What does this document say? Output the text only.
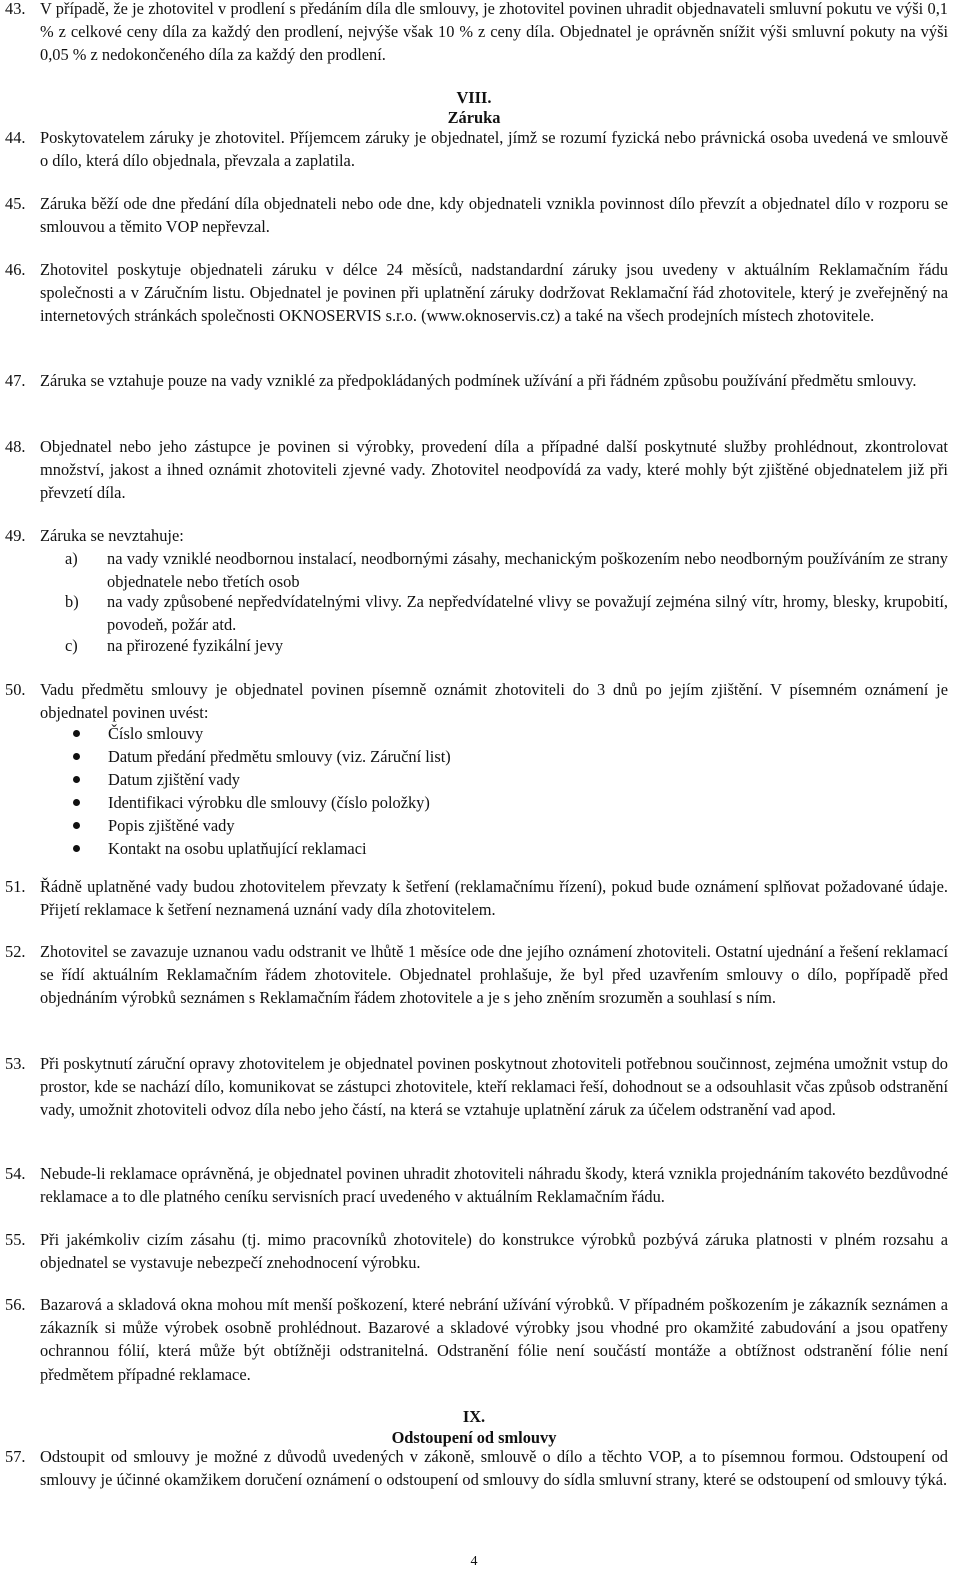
43. V případě, že je zhotovitel v prodlení s předáním díla dle smlouvy, je zhotovitel povinen uhradit objednavateli smluvní pokutu ve výši 0,1 % z celkové ceny díla za každý den prodlení, nejvýše však 10 % z ceny díla. Objednatel je oprávněn snížit výši smluvní pokuty na výši 0,05 % z nedokončeného díla za každý den prodlení.
VIII.
Záruka
44. Poskytovatelem záruky je zhotovitel. Příjemcem záruky je objednatel, jímž se rozumí fyzická nebo právnická osoba uvedená ve smlouvě o dílo, která dílo objednala, převzala a zaplatila.
45. Záruka běží ode dne předání díla objednateli nebo ode dne, kdy objednateli vznikla povinnost dílo převzít a objednatel dílo v rozporu se smlouvou a těmito VOP nepřevzal.
46. Zhotovitel poskytuje objednateli záruku v délce 24 měsíců, nadstandardní záruky jsou uvedeny v aktuálním Reklamačním řádu společnosti a v Záručním listu. Objednatel je povinen při uplatnění záruky dodržovat Reklamační řád zhotovitele, který je zveřejněný na internetových stránkách společnosti OKNOSERVIS s.r.o. (www.oknoservis.cz) a také na všech prodejních místech zhotovitele.
47. Záruka se vztahuje pouze na vady vzniklé za předpokládaných podmínek užívání a při řádném způsobu používání předmětu smlouvy.
48. Objednatel nebo jeho zástupce je povinen si výrobky, provedení díla a případné další poskytnuté služby prohlédnout, zkontrolovat množství, jakost a ihned oznámit zhotoviteli zjevné vady. Zhotovitel neodpovídá za vady, které mohly být zjištěné objednatelem již při převzetí díla.
49. Záruka se nevztahuje:
a) na vady vzniklé neodbornou instalací, neodbornými zásahy, mechanickým poškozením nebo neodborným používáním ze strany objednatele nebo třetích osob
b) na vady způsobené nepředvídatelnými vlivy. Za nepředvídatelné vlivy se považují zejména silný vítr, hromy, blesky, krupobití, povodeň, požár atd.
c) na přirozené fyzikální jevy
50. Vadu předmětu smlouvy je objednatel povinen písemně oznámit zhotoviteli do 3 dnů po jejím zjištění. V písemném oznámení je objednatel povinen uvést:
Číslo smlouvy
Datum předání předmětu smlouvy (viz. Záruční list)
Datum zjištění vady
Identifikaci výrobku dle smlouvy (číslo položky)
Popis zjištěné vady
Kontakt na osobu uplatňující reklamaci
51. Řádně uplatněné vady budou zhotovitelem převzaty k šetření (reklamačnímu řízení), pokud bude oznámení splňovat požadované údaje. Přijetí reklamace k šetření neznamená uznání vady díla zhotovitelem.
52. Zhotovitel se zavazuje uznanou vadu odstranit ve lhůtě 1 měsíce ode dne jejího oznámení zhotoviteli. Ostatní ujednání a řešení reklamací se řídí aktuálním Reklamačním řádem zhotovitele. Objednatel prohlašuje, že byl před uzavřením smlouvy o dílo, popřípadě před objednáním výrobků seznámen s Reklamačním řádem zhotovitele a je s jeho zněním srozuměn a souhlasí s ním.
53. Při poskytnutí záruční opravy zhotovitelem je objednatel povinen poskytnout zhotoviteli potřebnou součinnost, zejména umožnit vstup do prostor, kde se nachází dílo, komunikovat se zástupci zhotovitele, kteří reklamaci řeší, dohodnout se a odsouhlasit včas způsob odstranění vady, umožnit zhotoviteli odvoz díla nebo jeho částí, na která se vztahuje uplatnění záruk za účelem odstranění vad apod.
54. Nebude-li reklamace oprávněná, je objednatel povinen uhradit zhotoviteli náhradu škody, která vznikla projednáním takovéto bezdůvodné reklamace a to dle platného ceníku servisních prací uvedeného v aktuálním Reklamačním řádu.
55. Při jakémkoliv cizím zásahu (tj. mimo pracovníků zhotovitele) do konstrukce výrobků pozbývá záruka platnosti v plném rozsahu a objednatel se vystavuje nebezpečí znehodnocení výrobku.
56. Bazarová a skladová okna mohou mít menší poškození, které nebrání užívání výrobků. V případném poškozením je zákazník seznámen a zákazník si může výrobek osobně prohlédnout. Bazarové a skladové výrobky jsou vhodné pro okamžité zabudování a jsou opatřeny ochrannou fólií, která může být obtížněji odstranitelná. Odstranění fólie není součástí montáže a obtížnost odstranění fólie není předmětem případné reklamace.
IX.
Odstoupení od smlouvy
57. Odstoupit od smlouvy je možné z důvodů uvedených v zákoně, smlouvě o dílo a těchto VOP, a to písemnou formou. Odstoupení od smlouvy je účinné okamžikem doručení oznámení o odstoupení od smlouvy do sídla smluvní strany, které se odstoupení od smlouvy týká.
4
